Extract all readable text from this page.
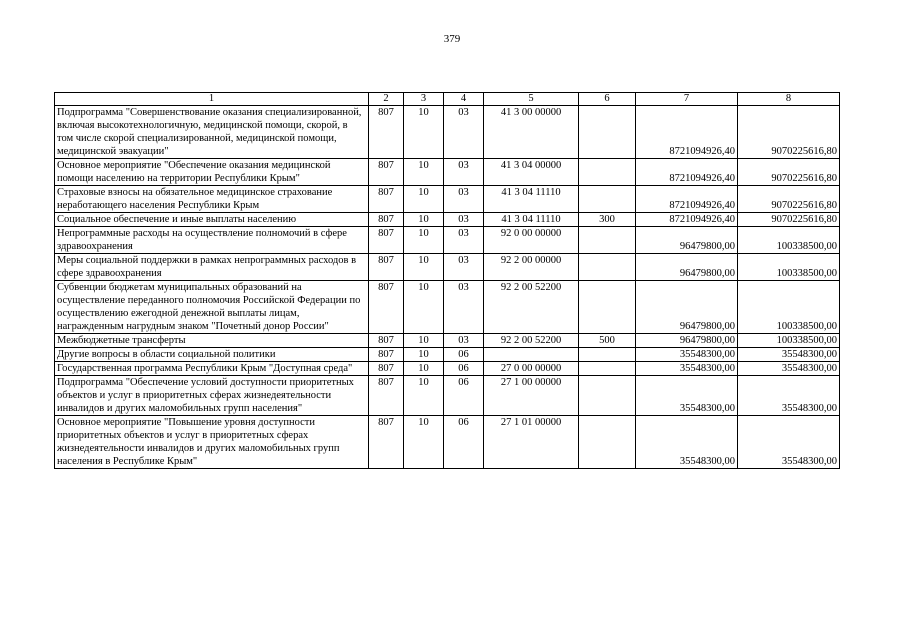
379
1	2	3	4	5	6	7	8
Подпрограмма "Совершенствование оказания специализированной, включая высокотехнологичную, медицинской помощи, скорой, в том числе скорой специализированной, медицинской помощи, медицинской эвакуации"	807	10	03	41 3 00 00000		8721094926,40	9070225616,80
Основное мероприятие "Обеспечение оказания медицинской помощи населению на территории Республики Крым"	807	10	03	41 3 04 00000		8721094926,40	9070225616,80
Страховые взносы на обязательное медицинское страхование неработающего населения Республики Крым	807	10	03	41 3 04 11110		8721094926,40	9070225616,80
Социальное обеспечение и иные выплаты населению	807	10	03	41 3 04 11110	300	8721094926,40	9070225616,80
Непрограммные расходы на осуществление полномочий в сфере здравоохранения	807	10	03	92 0 00 00000		96479800,00	100338500,00
Меры социальной поддержки в рамках непрограммных расходов в сфере здравоохранения	807	10	03	92 2 00 00000		96479800,00	100338500,00
Субвенции бюджетам муниципальных образований на осуществление переданного полномочия Российской Федерации по осуществлению ежегодной денежной выплаты лицам, награжденным нагрудным знаком "Почетный донор России"	807	10	03	92 2 00 52200		96479800,00	100338500,00
Межбюджетные трансферты	807	10	03	92 2 00 52200	500	96479800,00	100338500,00
Другие вопросы в области социальной политики	807	10	06			35548300,00	35548300,00
Государственная программа Республики Крым "Доступная среда"	807	10	06	27 0 00 00000		35548300,00	35548300,00
Подпрограмма "Обеспечение условий доступности приоритетных объектов и услуг в приоритетных сферах жизнедеятельности инвалидов и других маломобильных групп населения"	807	10	06	27 1 00 00000		35548300,00	35548300,00
Основное мероприятие "Повышение уровня доступности приоритетных объектов и услуг в приоритетных сферах жизнедеятельности инвалидов и других маломобильных групп населения в Республике Крым"	807	10	06	27 1 01 00000		35548300,00	35548300,00
